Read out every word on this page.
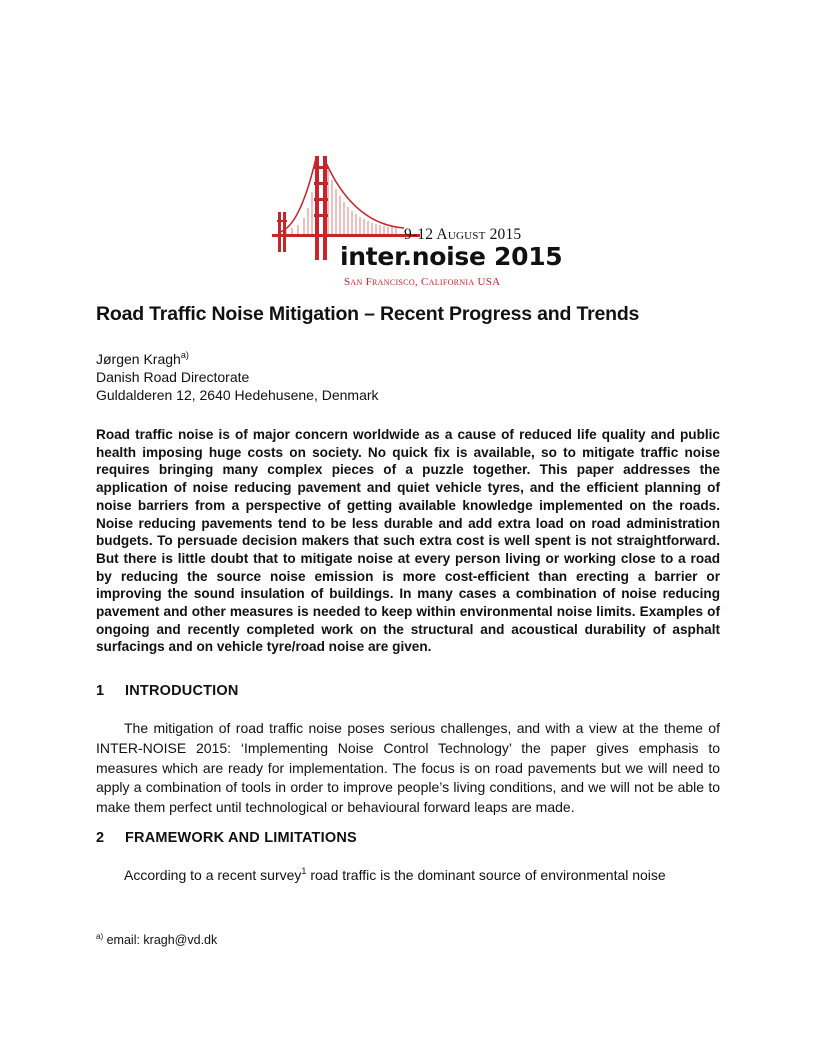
9-12 August 2015
inter.noise 2015
San Francisco, California USA
Road Traffic Noise Mitigation – Recent Progress and Trends
Jørgen Kragh$^{a)}$
Danish Road Directorate
Guldalderen 12, 2640 Hedehusene, Denmark
Road traffic noise is of major concern worldwide as a cause of reduced life quality and public health imposing huge costs on society. No quick fix is available, so to mitigate traffic noise requires bringing many complex pieces of a puzzle together. This paper addresses the application of noise reducing pavement and quiet vehicle tyres, and the efficient planning of noise barriers from a perspective of getting available knowledge implemented on the roads. Noise reducing pavements tend to be less durable and add extra load on road administration budgets. To persuade decision makers that such extra cost is well spent is not straightforward. But there is little doubt that to mitigate noise at every person living or working close to a road by reducing the source noise emission is more cost-efficient than erecting a barrier or improving the sound insulation of buildings. In many cases a combination of noise reducing pavement and other measures is needed to keep within environmental noise limits. Examples of ongoing and recently completed work on the structural and acoustical durability of asphalt surfacings and on vehicle tyre/road noise are given.
1 INTRODUCTION
The mitigation of road traffic noise poses serious challenges, and with a view at the theme of INTER-NOISE 2015: ‘Implementing Noise Control Technology’ the paper gives emphasis to measures which are ready for implementation. The focus is on road pavements but we will need to apply a combination of tools in order to improve people’s living conditions, and we will not be able to make them perfect until technological or behavioural forward leaps are made.
2 FRAMEWORK AND LIMITATIONS
According to a recent survey$^1$ road traffic is the dominant source of environmental noise
$^{a)}$ email: kragh@vd.dk
